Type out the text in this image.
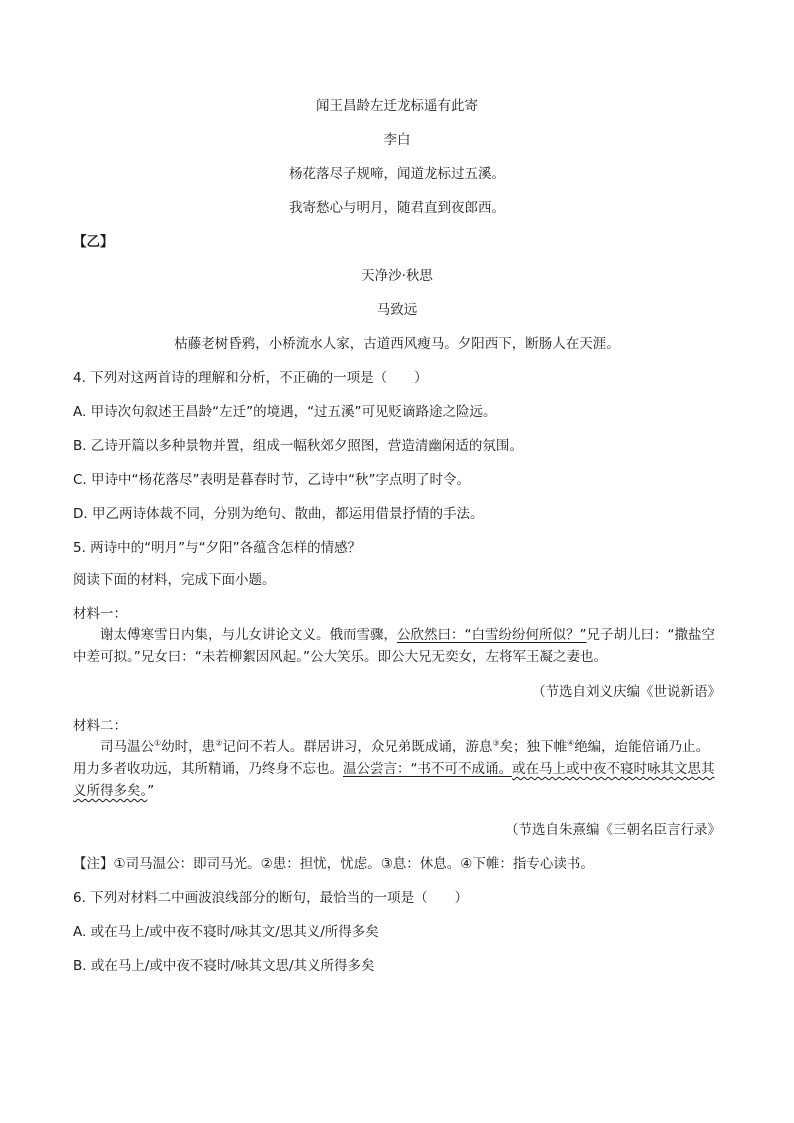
闻王昌龄左迁龙标遥有此寄

李白

杨花落尽子规啼，闻道龙标过五溪。

我寄愁心与明月，随君直到夜郎西。

【乙】

天净沙·秋思

马致远

枯藤老树昏鸦，小桥流水人家，古道西风瘦马。夕阳西下，断肠人在天涯。

4. 下列对这两首诗的理解和分析，不正确的一项是（　　）

A. 甲诗次句叙述王昌龄“左迁”的境遇，“过五溪”可见贬谪路途之险远。

B. 乙诗开篇以多种景物并置，组成一幅秋郊夕照图，营造清幽闲适的氛围。

C. 甲诗中“杨花落尽”表明是暮春时节，乙诗中“秋”字点明了时令。

D. 甲乙两诗体裁不同，分别为绝句、散曲，都运用借景抒情的手法。

5. 两诗中的“明月”与“夕阳”各蕴含怎样的情感？

阅读下面的材料，完成下面小题。

材料一：

谢太傅寒雪日内集，与儿女讲论文义。俄而雪骤，公欣然曰：“白雪纷纷何所似？”兄子胡儿曰：“撒盐空中差可拟。”兄女曰：“未若柳絮因风起。”公大笑乐。即公大兄无奕女，左将军王凝之妻也。

（节选自刘义庆编《世说新语》

材料二：

司马温公①幼时，患②记问不若人。群居讲习，众兄弟既成诵，游息③矣；独下帷④绝编，迨能倍诵乃止。用力多者收功远，其所精诵，乃终身不忘也。温公尝言：“书不可不成诵。或在马上或中夜不寝时咏其文思其义所得多矣。”

（节选自朱熹编《三朝名臣言行录》

【注】①司马温公：即司马光。②患：担忧，忧虑。③息：休息。④下帷：指专心读书。

6. 下列对材料二中画波浪线部分的断句，最恰当的一项是（　　）

A. 或在马上/或中夜不寝时/咏其文/思其义/所得多矣

B. 或在马上/或中夜不寝时/咏其文思/其义所得多矣
